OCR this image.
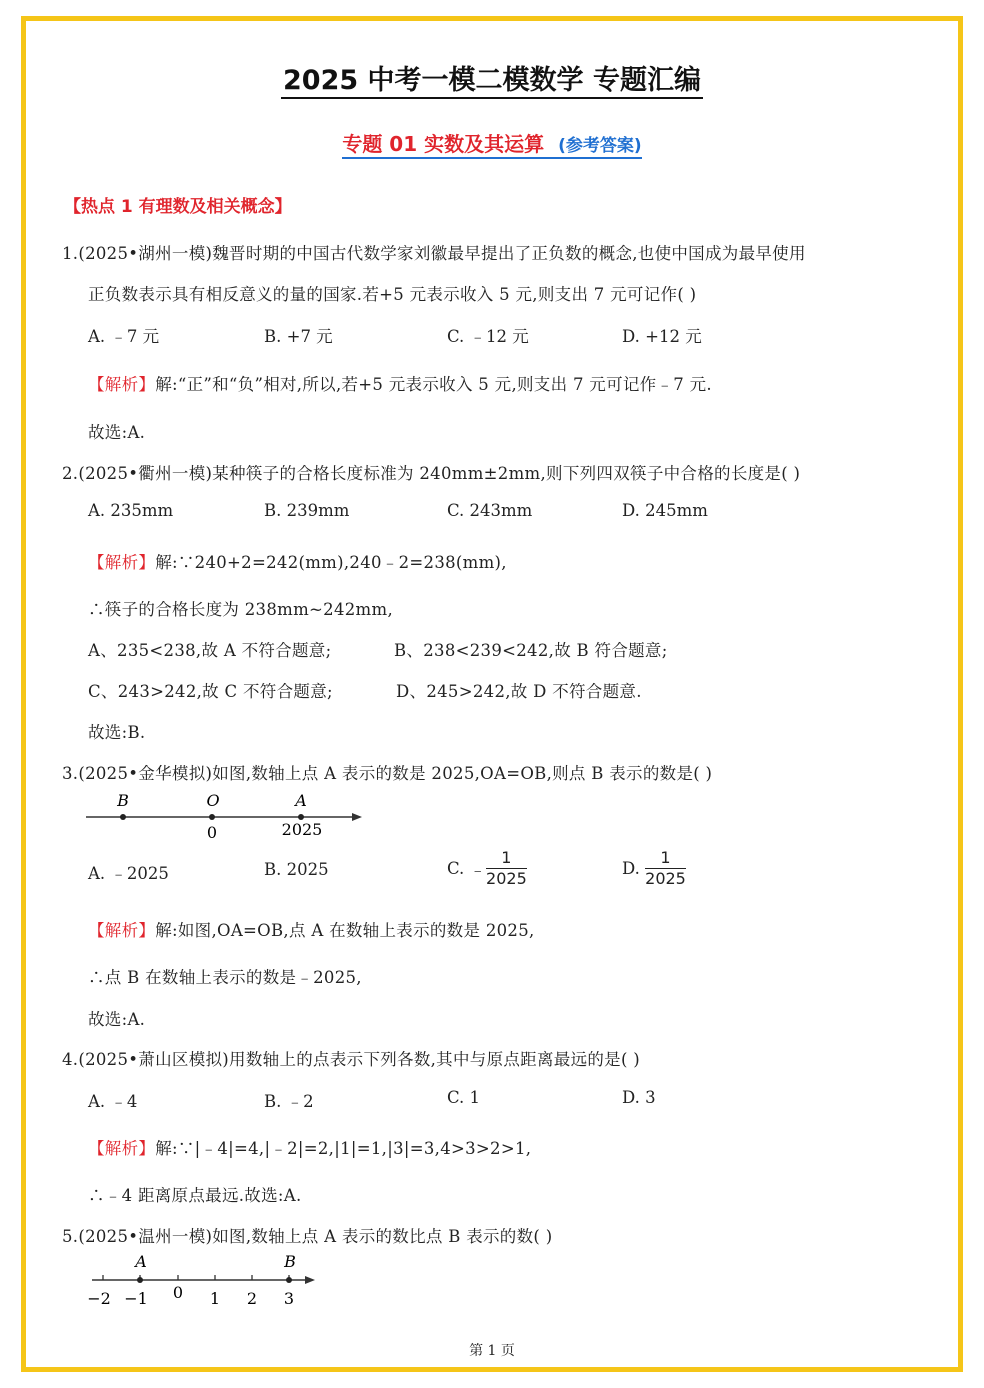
2025 中考一模二模数学 专题汇编
专题 01 实数及其运算 (参考答案)
【热点 1 有理数及相关概念】
1.(2025•湖州一模)魏晋时期的中国古代数学家刘徽最早提出了正负数的概念,也使中国成为最早使用
正负数表示具有相反意义的量的国家.若+5 元表示收入 5 元,则支出 7 元可记作( )
A. ﹣7 元	B. +7 元	C. ﹣12 元	D. +12 元
【解析】解:“正”和“负”相对,所以,若+5 元表示收入 5 元,则支出 7 元可记作﹣7 元.
故选:A.
2.(2025•衢州一模)某种筷子的合格长度标准为 240mm±2mm,则下列四双筷子中合格的长度是( )
A. 235mm	B. 239mm	C. 243mm	D. 245mm
【解析】解:∵240+2=242(mm),240﹣2=238(mm),
∴筷子的合格长度为 238mm~242mm,
A、235<238,故 A 不符合题意;	B、238<239<242,故 B 符合题意;
C、243>242,故 C 不符合题意;	D、245>242,故 D 不符合题意.
故选:B.
3.(2025•金华模拟)如图,数轴上点 A 表示的数是 2025,OA=OB,则点 B 表示的数是( )
B	O	A
0	2025
A. ﹣2025	B. 2025	C. ﹣ $\frac{1}{2025}$	D. $\frac{1}{2025}$
【解析】解:如图,OA=OB,点 A 在数轴上表示的数是 2025,
∴点 B 在数轴上表示的数是﹣2025,
故选:A.
4.(2025•萧山区模拟)用数轴上的点表示下列各数,其中与原点距离最远的是( )
A. ﹣4	B. ﹣2	C. 1	D. 3
【解析】解:∵|﹣4|=4,|﹣2|=2,|1|=1,|3|=3,4>3>2>1,
∴﹣4 距离原点最远.故选:A.
5.(2025•温州一模)如图,数轴上点 A 表示的数比点 B 表示的数( )
A	B
−2 −1 0 1 2 3
第 1 页
